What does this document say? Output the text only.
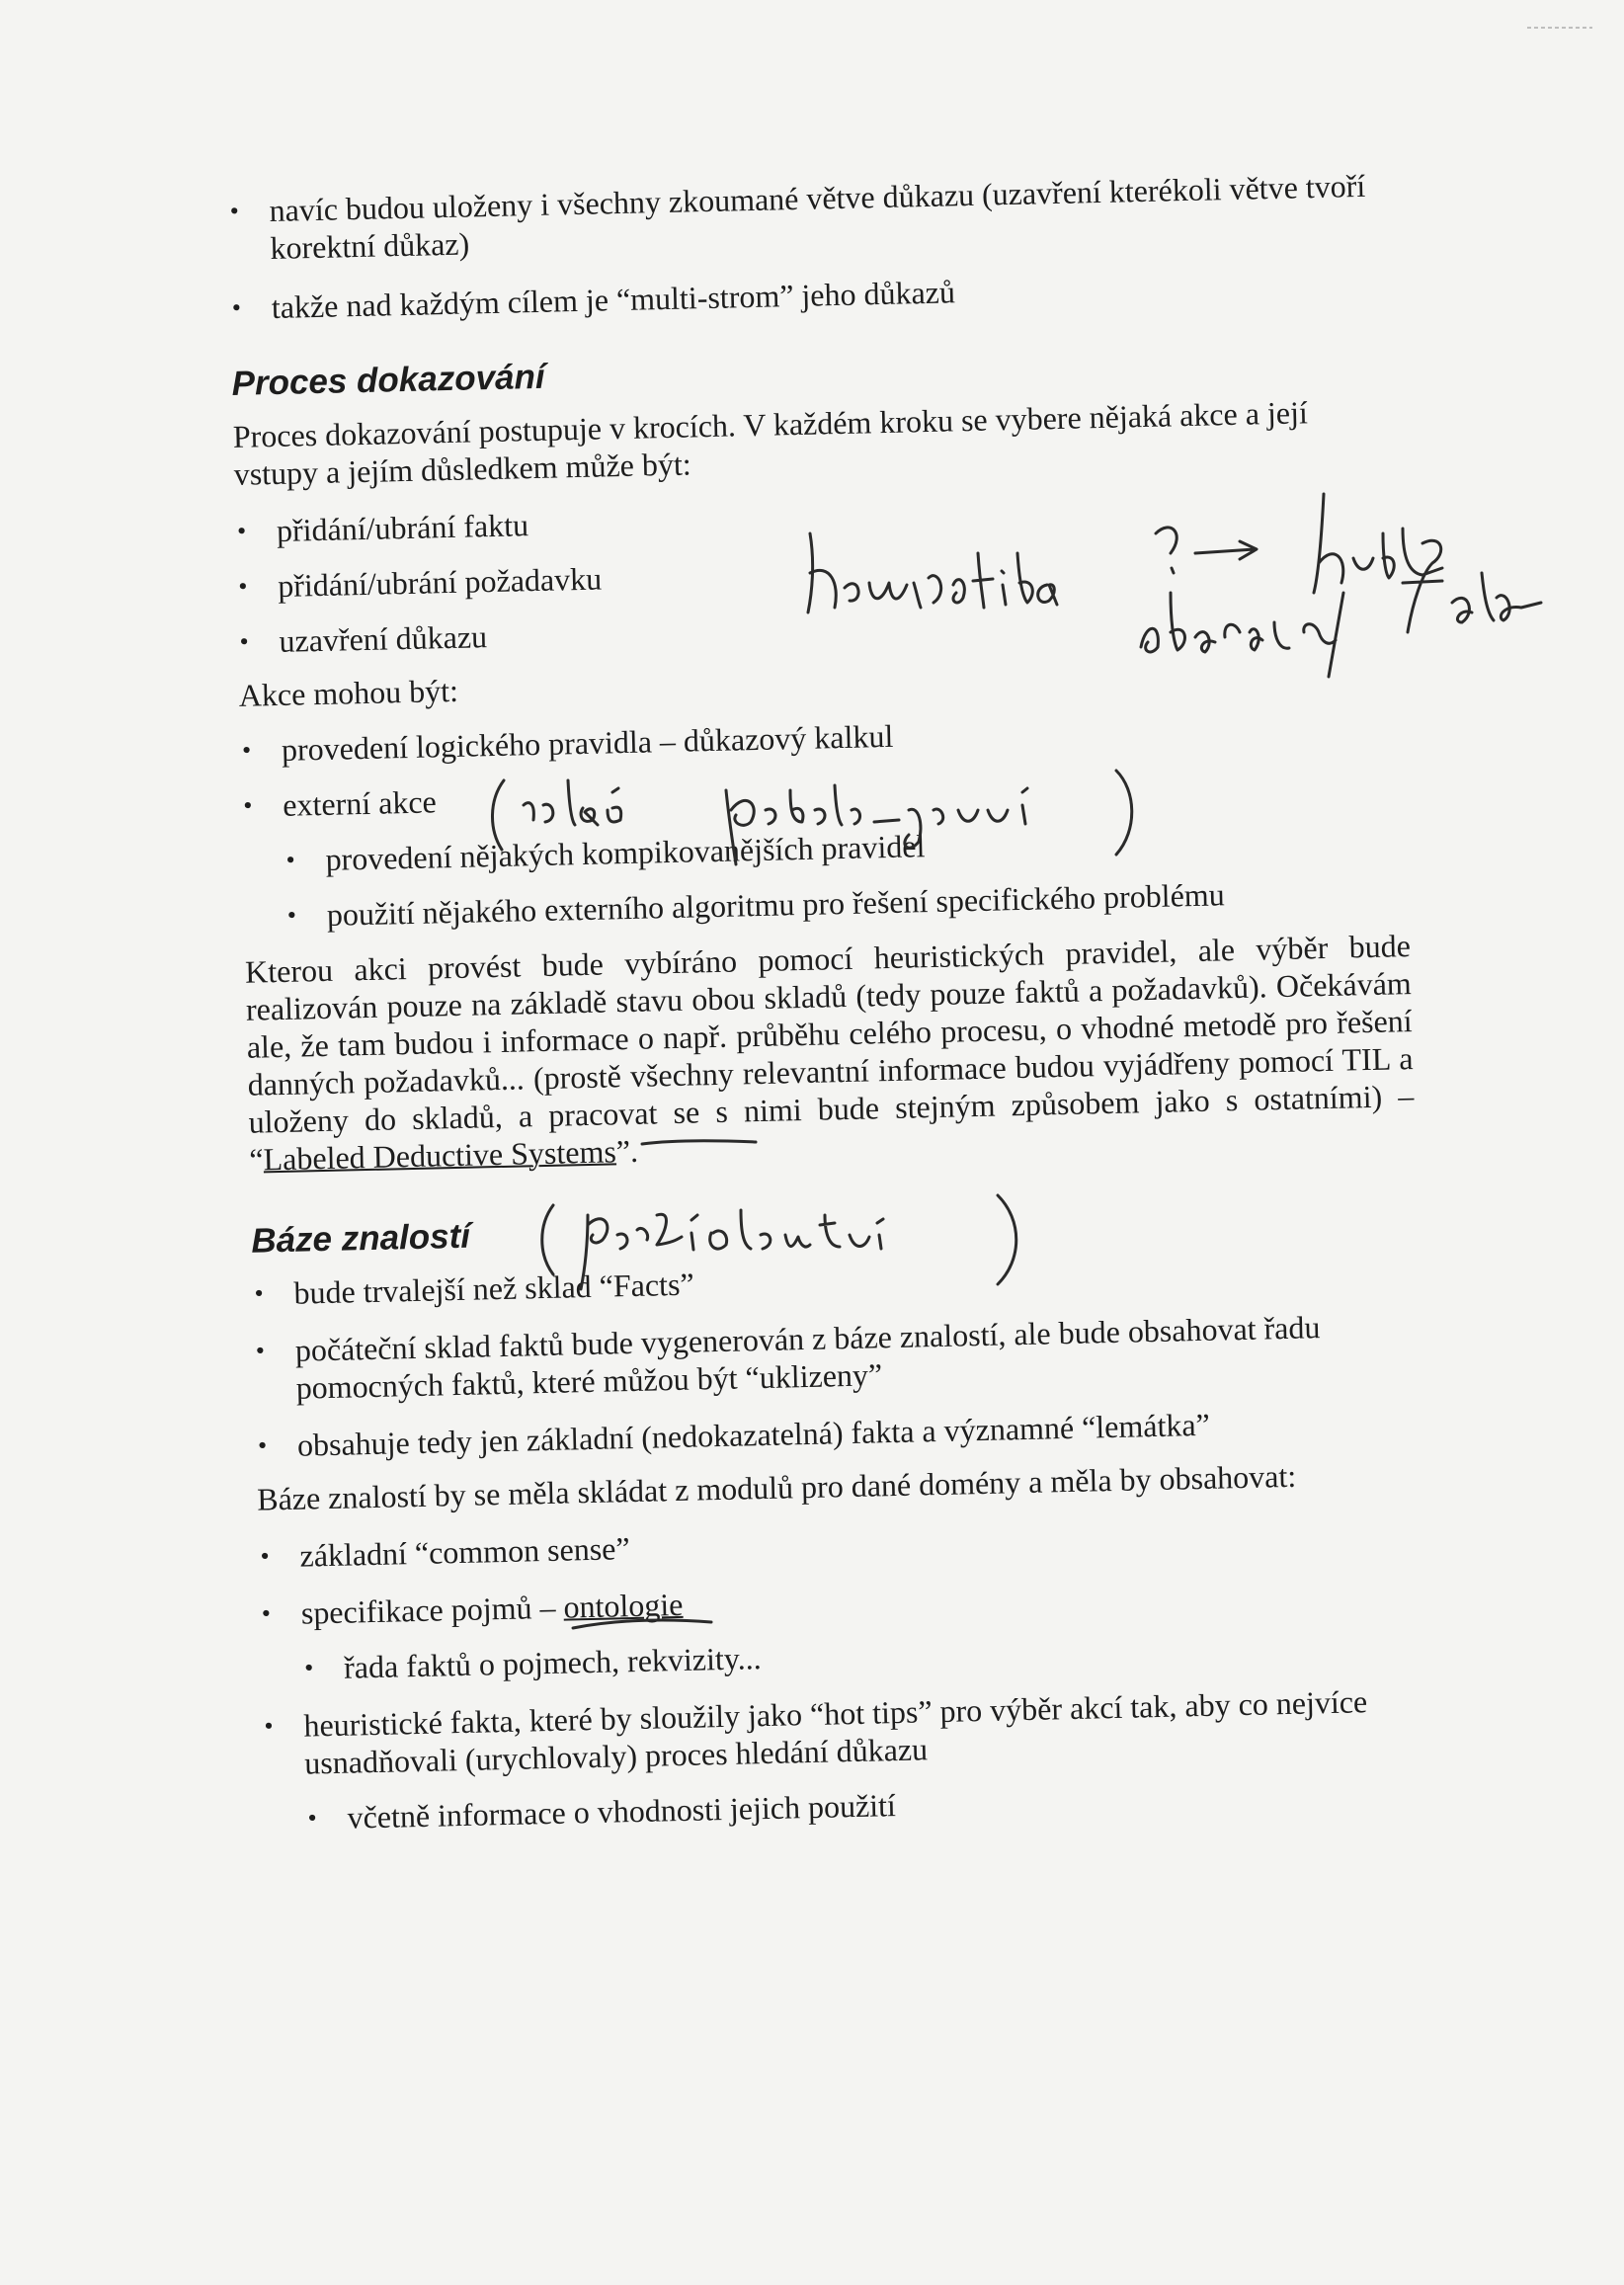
• navíc budou uloženy i všechny zkoumané větve důkazu (uzavření kterékoli větve tvoří korektní důkaz)
• takže nad každým cílem je “multi-strom” jeho důkazů
Proces dokazování
Proces dokazování postupuje v krocích. V každém kroku se vybere nějaká akce a její vstupy a jejím důsledkem může být:
• přidání/ubrání faktu
• přidání/ubrání požadavku
• uzavření důkazu
Akce mohou být:
• provedení logického pravidla – důkazový kalkul
• externí akce
• provedení nějakých kompikovanějších pravidel
• použití nějakého externího algoritmu pro řešení specifického problému
Kterou akci provést bude vybíráno pomocí heuristických pravidel, ale výběr bude realizován pouze na základě stavu obou skladů (tedy pouze faktů a požadavků). Očekávám ale, že tam budou i informace o např. průběhu celého procesu, o vhodné metodě pro řešení danných požadavků... (prostě všechny relevantní informace budou vyjádřeny pomocí TIL a uloženy do skladů, a pracovat se s nimi bude stejným způsobem jako s ostatními) – “Labeled Deductive Systems”.
Báze znalostí
• bude trvalejší než sklad “Facts”
• počáteční sklad faktů bude vygenerován z báze znalostí, ale bude obsahovat řadu pomocných faktů, které můžou být “uklizeny”
• obsahuje tedy jen základní (nedokazatelná) fakta a významné “lemátka”
Báze znalostí by se měla skládat z modulů pro dané domény a měla by obsahovat:
• základní “common sense”
• specifikace pojmů – ontologie
• řada faktů o pojmech, rekvizity...
• heuristické fakta, které by sloužily jako “hot tips” pro výběr akcí tak, aby co nejvíce usnadňovali (urychlovaly) proces hledání důkazu
• včetně informace o vhodnosti jejich použití
